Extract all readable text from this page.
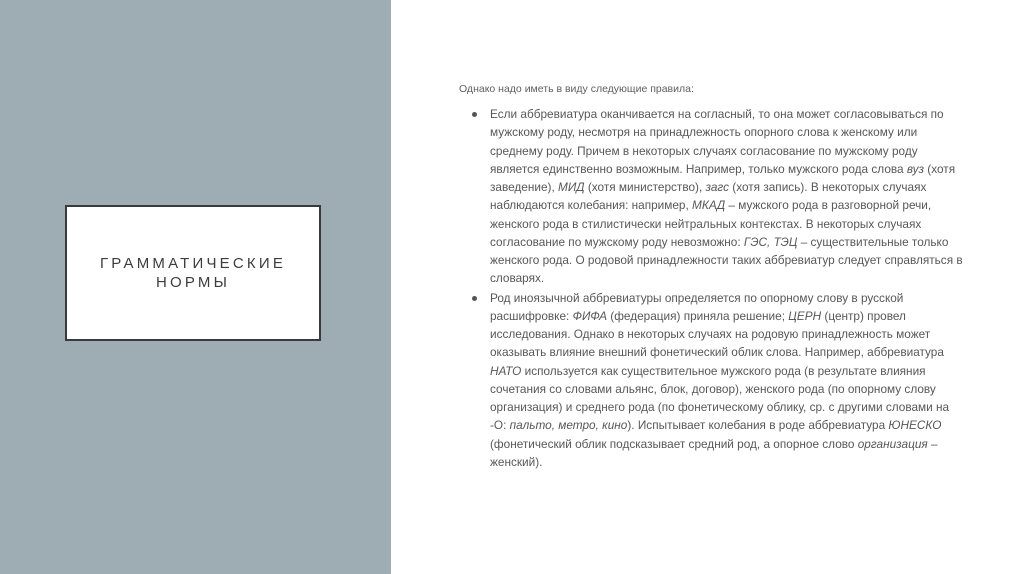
ГРАММАТИЧЕСКИЕ
НОРМЫ

Однако надо иметь в виду следующие правила:

Если аббревиатура оканчивается на согласный, то она может согласовываться по
мужскому роду, несмотря на принадлежность опорного слова к женскому или
среднему роду. Причем в некоторых случаях согласование по мужскому роду
является единственно возможным. Например, только мужского рода слова вуз (хотя
заведение), МИД (хотя министерство), загс (хотя запись). В некоторых случаях
наблюдаются колебания: например, МКАД – мужского рода в разговорной речи,
женского рода в стилистически нейтральных контекстах. В некоторых случаях
согласование по мужскому роду невозможно: ГЭС, ТЭЦ – существительные только
женского рода. О родовой принадлежности таких аббревиатур следует справляться в
словарях.
Род иноязычной аббревиатуры определяется по опорному слову в русской
расшифровке: ФИФА (федерация) приняла решение; ЦЕРН (центр) провел
исследования. Однако в некоторых случаях на родовую принадлежность может
оказывать влияние внешний фонетический облик слова. Например, аббревиатура
НАТО используется как существительное мужского рода (в результате влияния
сочетания со словами альянс, блок, договор), женского рода (по опорному слову
организация) и среднего рода (по фонетическому облику, ср. с другими словами на
-О: пальто, метро, кино). Испытывает колебания в роде аббревиатура ЮНЕСКО
(фонетический облик подсказывает средний род, а опорное слово организация –
женский).
